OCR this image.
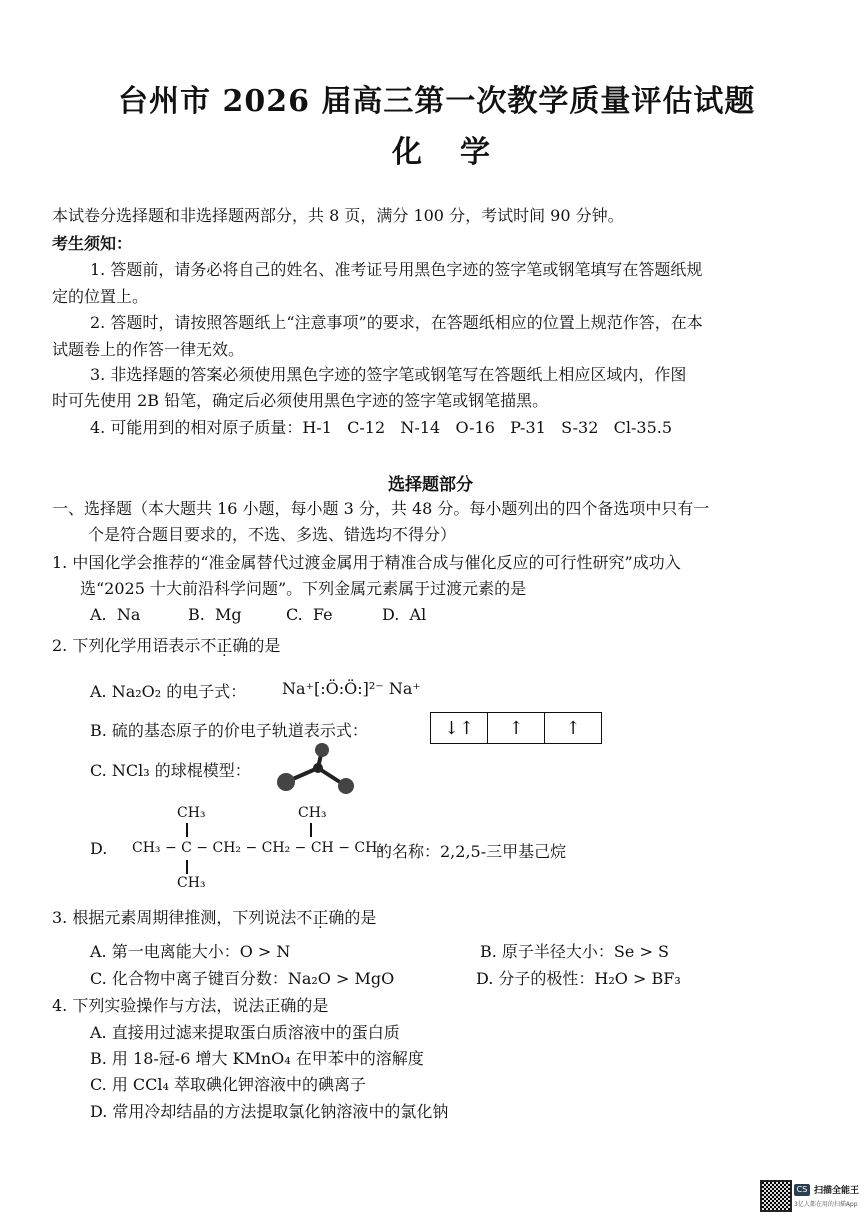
台州市 2026 届高三第一次教学质量评估试题
化学
本试卷分选择题和非选择题两部分，共 8 页，满分 100 分，考试时间 90 分钟。
考生须知：
1. 答题前，请务必将自己的姓名、准考证号用黑色字迹的签字笔或钢笔填写在答题纸规
定的位置上。
2. 答题时，请按照答题纸上“注意事项”的要求，在答题纸相应的位置上规范作答，在本
试题卷上的作答一律无效。
3. 非选择题的答案必须使用黑色字迹的签字笔或钢笔写在答题纸上相应区域内，作图
时可先使用 2B 铅笔，确定后必须使用黑色字迹的签字笔或钢笔描黑。
4. 可能用到的相对原子质量：H-1   C-12   N-14   O-16   P-31   S-32   Cl-35.5
选择题部分
一、选择题（本大题共 16 小题，每小题 3 分，共 48 分。每小题列出的四个备选项中只有一
个是符合题目要求的，不选、多选、错选均不得分）
1. 中国化学会推荐的“准金属替代过渡金属用于精准合成与催化反应的可行性研究”成功入
选“2025 十大前沿科学问题”。下列金属元素属于过渡元素的是
A.  Na	B.  Mg	C.  Fe	D.  Al
2. 下列化学用语表示不正确的是
A. Na₂O₂ 的电子式： Na⁺[:Ö:Ö:]²⁻ Na⁺
B. 硫的基态原子的价电子轨道表示式：	↓↑	↑	↑
C. NCl₃ 的球棍模型：
D.
CH₃	CH₃
CH₃ − C − CH₂ − CH₂ − CH − CH₃
CH₃
的名称：2,2,5-三甲基己烷
3. 根据元素周期律推测，下列说法不正确的是
A. 第一电离能大小：O > N	B. 原子半径大小：Se > S
C. 化合物中离子键百分数：Na₂O > MgO	D. 分子的极性：H₂O > BF₃
4. 下列实验操作与方法，说法正确的是
A. 直接用过滤来提取蛋白质溶液中的蛋白质
B. 用 18-冠-6 增大 KMnO₄ 在甲苯中的溶解度
C. 用 CCl₄ 萃取碘化钾溶液中的碘离子
D. 常用冷却结晶的方法提取氯化钠溶液中的氯化钠
CS 扫描全能王
3亿人都在用的扫描App
